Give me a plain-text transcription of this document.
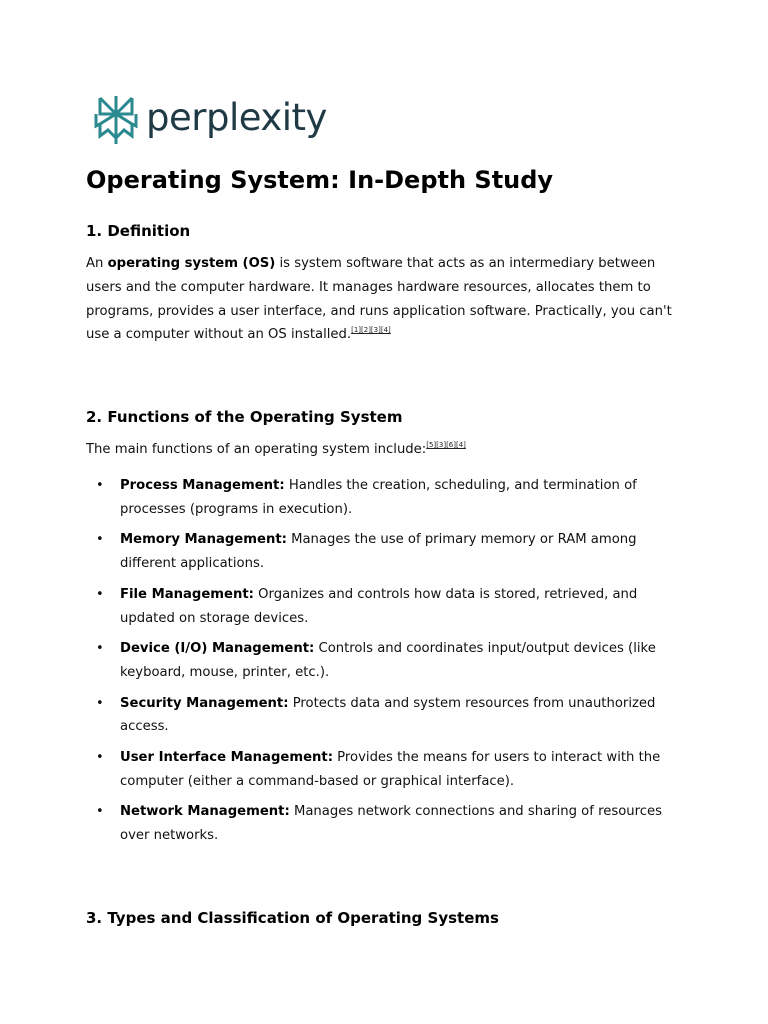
perplexity
Operating System: In-Depth Study
1. Definition

An operating system (OS) is system software that acts as an intermediary between users and the computer hardware. It manages hardware resources, allocates them to programs, provides a user interface, and runs application software. Practically, you can't use a computer without an OS installed.[1][2][3][4]

2. Functions of the Operating System

The main functions of an operating system include:[5][3][6][4]

• Process Management: Handles the creation, scheduling, and termination of processes (programs in execution).
• Memory Management: Manages the use of primary memory or RAM among different applications.
• File Management: Organizes and controls how data is stored, retrieved, and updated on storage devices.
• Device (I/O) Management: Controls and coordinates input/output devices (like keyboard, mouse, printer, etc.).
• Security Management: Protects data and system resources from unauthorized access.
• User Interface Management: Provides the means for users to interact with the computer (either a command-based or graphical interface).
• Network Management: Manages network connections and sharing of resources over networks.
3. Types and Classification of Operating Systems
